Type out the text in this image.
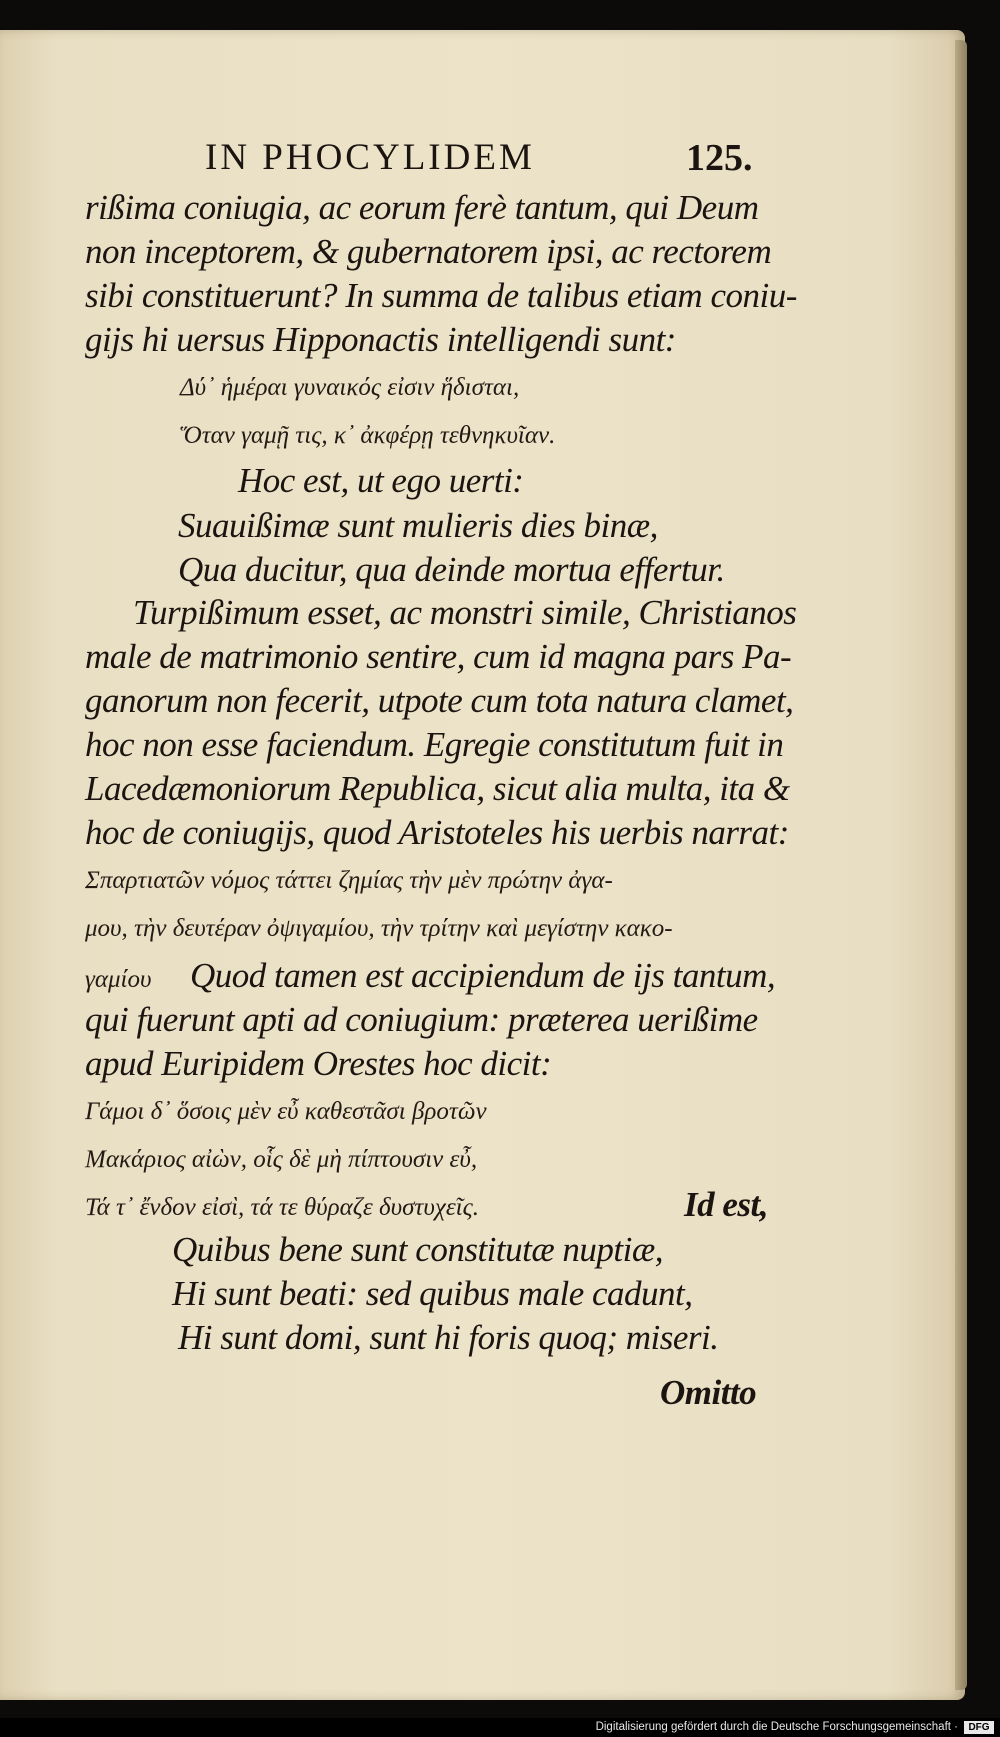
IN PHOCYLIDEM	125.
rißima coniugia, ac eorum ferè tantum, qui Deum
non inceptorem, & gubernatorem ipsi, ac rectorem
sibi constituerunt? In summa de talibus etiam coniu-
gijs hi uersus Hipponactis intelligendi sunt:
Δύ᾽ ἡμέραι γυναικός εἰσιν ἥδισται,
Ὅταν γαμῇ τις, κ᾽ ἀκφέρῃ τεθνηκυῖαν.
Hoc est, ut ego uerti:
Suauißimæ sunt mulieris dies binæ,
Qua ducitur, qua deinde mortua effertur.
Turpißimum esset, ac monstri simile, Christianos
male de matrimonio sentire, cum id magna pars Pa-
ganorum non fecerit, utpote cum tota natura clamet,
hoc non esse faciendum. Egregie constitutum fuit in
Lacedæmoniorum Republica, sicut alia multa, ita &
hoc de coniugijs, quod Aristoteles his uerbis narrat:
Σπαρτιατῶν νόμος τάττει ζημίας τὴν μὲν πρώτην ἀγα-
μου, τὴν δευτέραν ὀψιγαμίου, τὴν τρίτην καὶ μεγίστην κακο-
γαμίου Quod tamen est accipiendum de ijs tantum,
qui fuerunt apti ad coniugium: præterea uerißime
apud Euripidem Orestes hoc dicit:
Γάμοι δ᾽ ὅσοις μὲν εὖ καθεστᾶσι βροτῶν
Μακάριος αἰὼν, οἷς δὲ μὴ πίπτουσιν εὖ,
Τά τ᾽ ἔνδον εἰσὶ, τά τε θύραζε δυστυχεῖς.	Id est,
Quibus bene sunt constitutæ nuptiæ,
Hi sunt beati: sed quibus male cadunt,
Hi sunt domi, sunt hi foris quoq; miseri.
Omitto
Digitalisierung gefördert durch die Deutsche Forschungsgemeinschaft ·	DFG
